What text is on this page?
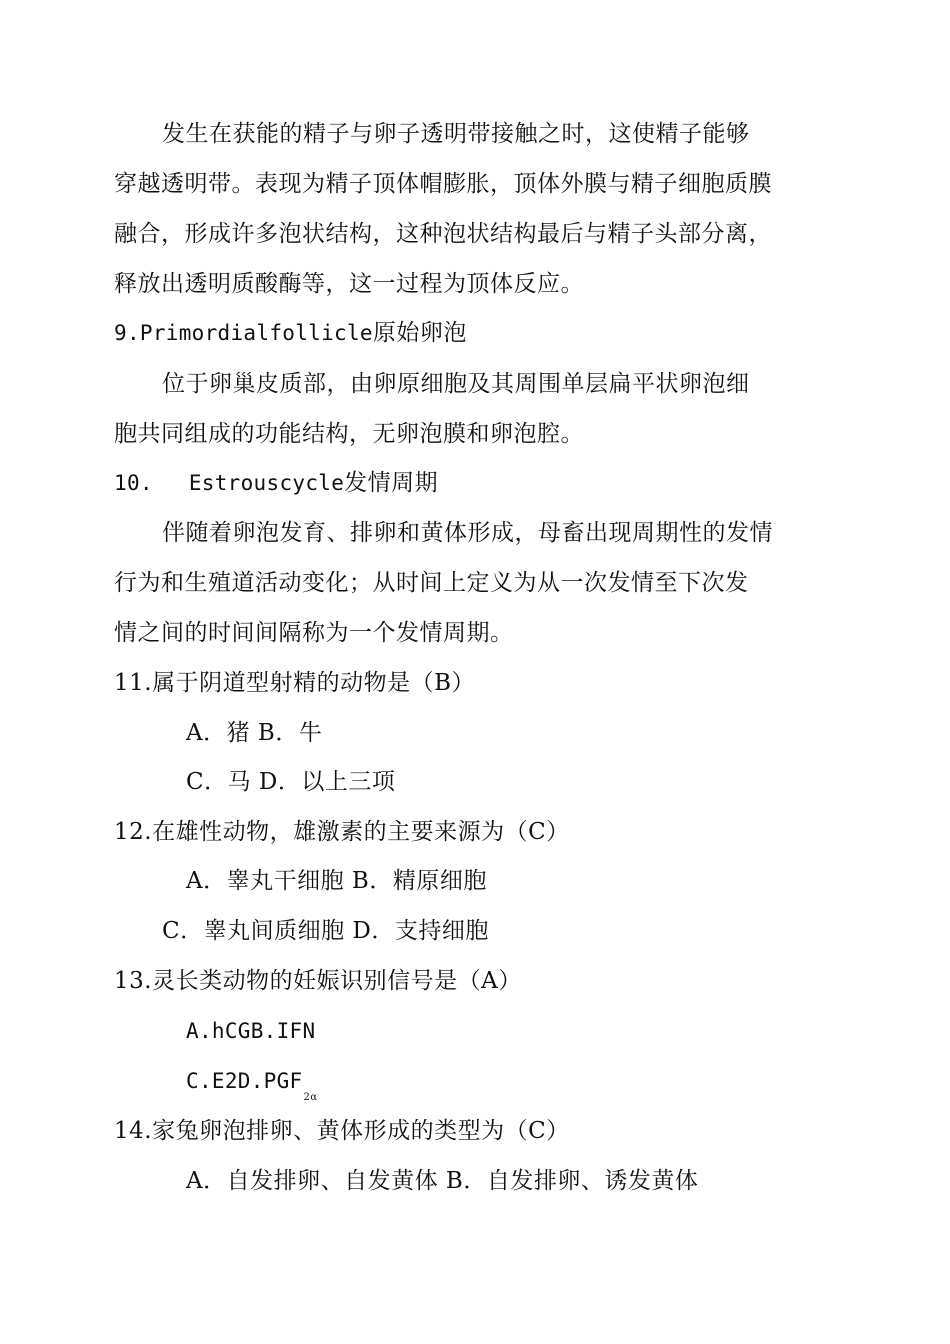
发生在获能的精子与卵子透明带接触之时，这使精子能够
穿越透明带。表现为精子顶体帽膨胀，顶体外膜与精子细胞质膜
融合，形成许多泡状结构，这种泡状结构最后与精子头部分离，
释放出透明质酸酶等，这一过程为顶体反应。
9.Primordialfollicle原始卵泡
位于卵巢皮质部，由卵原细胞及其周围单层扁平状卵泡细
胞共同组成的功能结构，无卵泡膜和卵泡腔。
10. Estrouscycle发情周期
伴随着卵泡发育、排卵和黄体形成，母畜出现周期性的发情
行为和生殖道活动变化；从时间上定义为从一次发情至下次发
情之间的时间间隔称为一个发情周期。
11.属于阴道型射精的动物是（B）
A．猪 B．牛
C．马 D．以上三项
12.在雄性动物，雄激素的主要来源为（C）
A．睾丸干细胞 B．精原细胞
C．睾丸间质细胞 D．支持细胞
13.灵长类动物的妊娠识别信号是（A）
A.hCGB.IFN
$C.E2D.PGF_{2\alpha}$
14.家兔卵泡排卵、黄体形成的类型为（C）
A．自发排卵、自发黄体 B．自发排卵、诱发黄体
